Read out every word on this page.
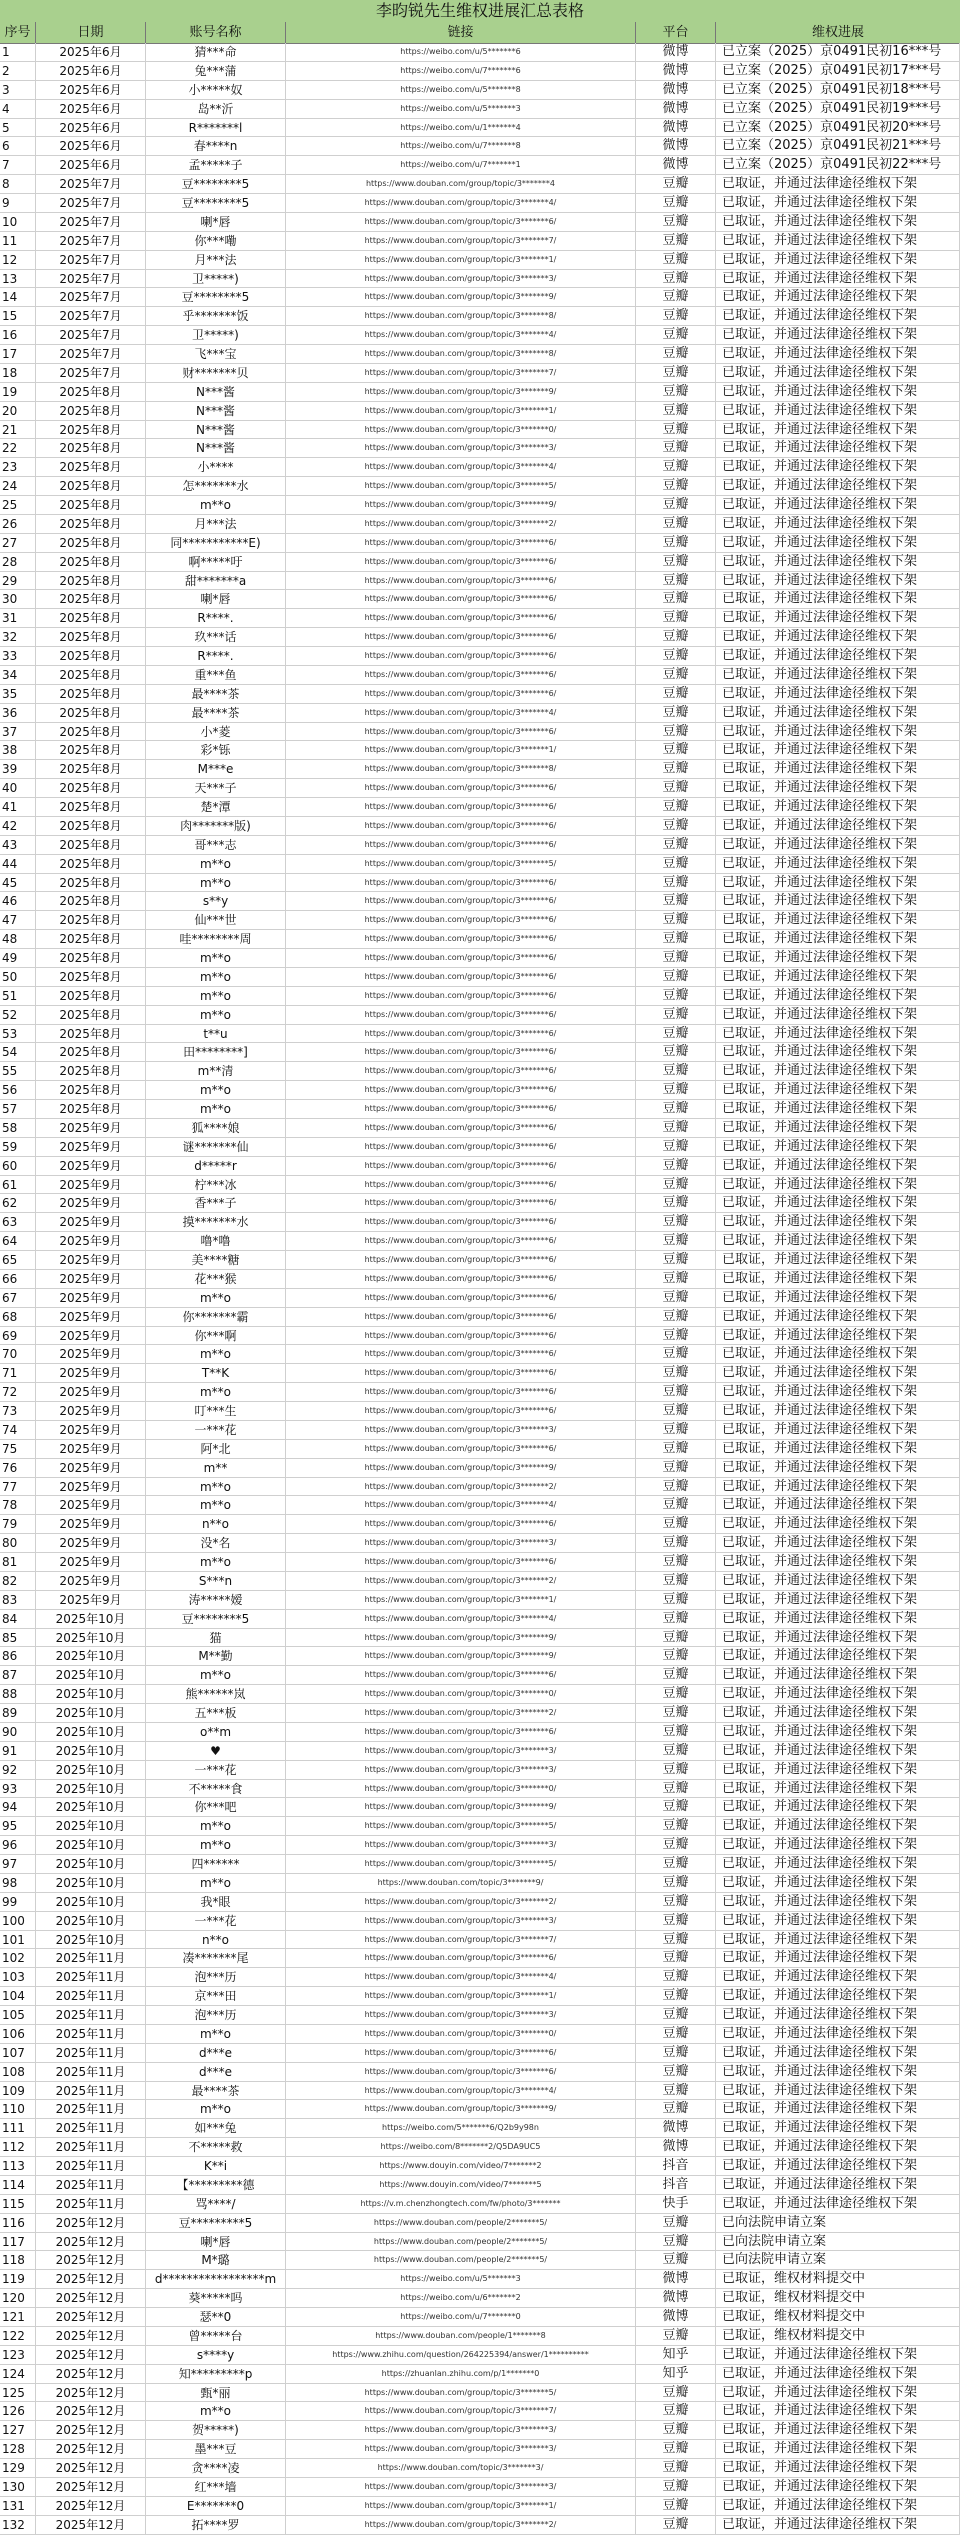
李昀锐先生维权进展汇总表格
序号	日期	账号名称	链接	平台	维权进展
1	2025年6月	猜***命	https://weibo.com/u/5*******6	微博	已立案（2025）京0491民初16***号
2	2025年6月	兔***蒲	https://weibo.com/u/7*******6	微博	已立案（2025）京0491民初17***号
3	2025年6月	小*****奴	https://weibo.com/u/5*******8	微博	已立案（2025）京0491民初18***号
4	2025年6月	岛**沂	https://weibo.com/u/5*******3	微博	已立案（2025）京0491民初19***号
5	2025年6月	R*******l	https://weibo.com/u/1*******4	微博	已立案（2025）京0491民初20***号
6	2025年6月	春****n	https://weibo.com/u/7*******8	微博	已立案（2025）京0491民初21***号
7	2025年6月	孟*****子	https://weibo.com/u/7*******1	微博	已立案（2025）京0491民初22***号
8	2025年7月	豆********5	https://www.douban.com/group/topic/3*******4	豆瓣	已取证，并通过法律途径维权下架
9	2025年7月	豆********5	https://www.douban.com/group/topic/3*******4/	豆瓣	已取证，并通过法律途径维权下架
10	2025年7月	喇*唇	https://www.douban.com/group/topic/3*******6/	豆瓣	已取证，并通过法律途径维权下架
11	2025年7月	你***嘞	https://www.douban.com/group/topic/3*******7/	豆瓣	已取证，并通过法律途径维权下架
12	2025年7月	月***法	https://www.douban.com/group/topic/3*******1/	豆瓣	已取证，并通过法律途径维权下架
13	2025年7月	卫*****)	https://www.douban.com/group/topic/3*******3/	豆瓣	已取证，并通过法律途径维权下架
14	2025年7月	豆********5	https://www.douban.com/group/topic/3*******9/	豆瓣	已取证，并通过法律途径维权下架
15	2025年7月	乎*******饭	https://www.douban.com/group/topic/3*******8/	豆瓣	已取证，并通过法律途径维权下架
16	2025年7月	卫*****)	https://www.douban.com/group/topic/3*******4/	豆瓣	已取证，并通过法律途径维权下架
17	2025年7月	飞***宝	https://www.douban.com/group/topic/3*******8/	豆瓣	已取证，并通过法律途径维权下架
18	2025年7月	财*******贝	https://www.douban.com/group/topic/3*******7/	豆瓣	已取证，并通过法律途径维权下架
19	2025年8月	N***酱	https://www.douban.com/group/topic/3*******9/	豆瓣	已取证，并通过法律途径维权下架
20	2025年8月	N***酱	https://www.douban.com/group/topic/3*******1/	豆瓣	已取证，并通过法律途径维权下架
21	2025年8月	N***酱	https://www.douban.com/group/topic/3*******0/	豆瓣	已取证，并通过法律途径维权下架
22	2025年8月	N***酱	https://www.douban.com/group/topic/3*******3/	豆瓣	已取证，并通过法律途径维权下架
23	2025年8月	小****	https://www.douban.com/group/topic/3*******4/	豆瓣	已取证，并通过法律途径维权下架
24	2025年8月	怎*******水	https://www.douban.com/group/topic/3*******5/	豆瓣	已取证，并通过法律途径维权下架
25	2025年8月	m**o	https://www.douban.com/group/topic/3*******9/	豆瓣	已取证，并通过法律途径维权下架
26	2025年8月	月***法	https://www.douban.com/group/topic/3*******2/	豆瓣	已取证，并通过法律途径维权下架
27	2025年8月	同***********E)	https://www.douban.com/group/topic/3*******6/	豆瓣	已取证，并通过法律途径维权下架
28	2025年8月	啊*****吁	https://www.douban.com/group/topic/3*******6/	豆瓣	已取证，并通过法律途径维权下架
29	2025年8月	甜*******a	https://www.douban.com/group/topic/3*******6/	豆瓣	已取证，并通过法律途径维权下架
30	2025年8月	喇*唇	https://www.douban.com/group/topic/3*******6/	豆瓣	已取证，并通过法律途径维权下架
31	2025年8月	R****.	https://www.douban.com/group/topic/3*******6/	豆瓣	已取证，并通过法律途径维权下架
32	2025年8月	玖***话	https://www.douban.com/group/topic/3*******6/	豆瓣	已取证，并通过法律途径维权下架
33	2025年8月	R****.	https://www.douban.com/group/topic/3*******6/	豆瓣	已取证，并通过法律途径维权下架
34	2025年8月	重***鱼	https://www.douban.com/group/topic/3*******6/	豆瓣	已取证，并通过法律途径维权下架
35	2025年8月	最****茶	https://www.douban.com/group/topic/3*******6/	豆瓣	已取证，并通过法律途径维权下架
36	2025年8月	最****茶	https://www.douban.com/group/topic/3*******4/	豆瓣	已取证，并通过法律途径维权下架
37	2025年8月	小*菱	https://www.douban.com/group/topic/3*******6/	豆瓣	已取证，并通过法律途径维权下架
38	2025年8月	彩*铄	https://www.douban.com/group/topic/3*******1/	豆瓣	已取证，并通过法律途径维权下架
39	2025年8月	M***e	https://www.douban.com/group/topic/3*******8/	豆瓣	已取证，并通过法律途径维权下架
40	2025年8月	天***子	https://www.douban.com/group/topic/3*******6/	豆瓣	已取证，并通过法律途径维权下架
41	2025年8月	楚*潭	https://www.douban.com/group/topic/3*******6/	豆瓣	已取证，并通过法律途径维权下架
42	2025年8月	肉*******版)	https://www.douban.com/group/topic/3*******6/	豆瓣	已取证，并通过法律途径维权下架
43	2025年8月	哥***志	https://www.douban.com/group/topic/3*******6/	豆瓣	已取证，并通过法律途径维权下架
44	2025年8月	m**o	https://www.douban.com/group/topic/3*******5/	豆瓣	已取证，并通过法律途径维权下架
45	2025年8月	m**o	https://www.douban.com/group/topic/3*******6/	豆瓣	已取证，并通过法律途径维权下架
46	2025年8月	s**y	https://www.douban.com/group/topic/3*******6/	豆瓣	已取证，并通过法律途径维权下架
47	2025年8月	仙***世	https://www.douban.com/group/topic/3*******6/	豆瓣	已取证，并通过法律途径维权下架
48	2025年8月	哇********周	https://www.douban.com/group/topic/3*******6/	豆瓣	已取证，并通过法律途径维权下架
49	2025年8月	m**o	https://www.douban.com/group/topic/3*******6/	豆瓣	已取证，并通过法律途径维权下架
50	2025年8月	m**o	https://www.douban.com/group/topic/3*******6/	豆瓣	已取证，并通过法律途径维权下架
51	2025年8月	m**o	https://www.douban.com/group/topic/3*******6/	豆瓣	已取证，并通过法律途径维权下架
52	2025年8月	m**o	https://www.douban.com/group/topic/3*******6/	豆瓣	已取证，并通过法律途径维权下架
53	2025年8月	t**u	https://www.douban.com/group/topic/3*******6/	豆瓣	已取证，并通过法律途径维权下架
54	2025年8月	田********]	https://www.douban.com/group/topic/3*******6/	豆瓣	已取证，并通过法律途径维权下架
55	2025年8月	m**清	https://www.douban.com/group/topic/3*******6/	豆瓣	已取证，并通过法律途径维权下架
56	2025年8月	m**o	https://www.douban.com/group/topic/3*******6/	豆瓣	已取证，并通过法律途径维权下架
57	2025年8月	m**o	https://www.douban.com/group/topic/3*******6/	豆瓣	已取证，并通过法律途径维权下架
58	2025年9月	狐****娘	https://www.douban.com/group/topic/3*******6/	豆瓣	已取证，并通过法律途径维权下架
59	2025年9月	谜*******仙	https://www.douban.com/group/topic/3*******6/	豆瓣	已取证，并通过法律途径维权下架
60	2025年9月	d*****r	https://www.douban.com/group/topic/3*******6/	豆瓣	已取证，并通过法律途径维权下架
61	2025年9月	柠***冰	https://www.douban.com/group/topic/3*******6/	豆瓣	已取证，并通过法律途径维权下架
62	2025年9月	香***子	https://www.douban.com/group/topic/3*******6/	豆瓣	已取证，并通过法律途径维权下架
63	2025年9月	摸*******水	https://www.douban.com/group/topic/3*******6/	豆瓣	已取证，并通过法律途径维权下架
64	2025年9月	噜*噜	https://www.douban.com/group/topic/3*******6/	豆瓣	已取证，并通过法律途径维权下架
65	2025年9月	美****糖	https://www.douban.com/group/topic/3*******6/	豆瓣	已取证，并通过法律途径维权下架
66	2025年9月	花***猴	https://www.douban.com/group/topic/3*******6/	豆瓣	已取证，并通过法律途径维权下架
67	2025年9月	m**o	https://www.douban.com/group/topic/3*******6/	豆瓣	已取证，并通过法律途径维权下架
68	2025年9月	你*******霸	https://www.douban.com/group/topic/3*******6/	豆瓣	已取证，并通过法律途径维权下架
69	2025年9月	你***啊	https://www.douban.com/group/topic/3*******6/	豆瓣	已取证，并通过法律途径维权下架
70	2025年9月	m**o	https://www.douban.com/group/topic/3*******6/	豆瓣	已取证，并通过法律途径维权下架
71	2025年9月	T**K	https://www.douban.com/group/topic/3*******6/	豆瓣	已取证，并通过法律途径维权下架
72	2025年9月	m**o	https://www.douban.com/group/topic/3*******6/	豆瓣	已取证，并通过法律途径维权下架
73	2025年9月	叮***生	https://www.douban.com/group/topic/3*******6/	豆瓣	已取证，并通过法律途径维权下架
74	2025年9月	一***花	https://www.douban.com/group/topic/3*******3/	豆瓣	已取证，并通过法律途径维权下架
75	2025年9月	阿*北	https://www.douban.com/group/topic/3*******6/	豆瓣	已取证，并通过法律途径维权下架
76	2025年9月	m**	https://www.douban.com/group/topic/3*******9/	豆瓣	已取证，并通过法律途径维权下架
77	2025年9月	m**o	https://www.douban.com/group/topic/3*******2/	豆瓣	已取证，并通过法律途径维权下架
78	2025年9月	m**o	https://www.douban.com/group/topic/3*******4/	豆瓣	已取证，并通过法律途径维权下架
79	2025年9月	n**o	https://www.douban.com/group/topic/3*******6/	豆瓣	已取证，并通过法律途径维权下架
80	2025年9月	没*名	https://www.douban.com/group/topic/3*******3/	豆瓣	已取证，并通过法律途径维权下架
81	2025年9月	m**o	https://www.douban.com/group/topic/3*******6/	豆瓣	已取证，并通过法律途径维权下架
82	2025年9月	S***n	https://www.douban.com/group/topic/3*******2/	豆瓣	已取证，并通过法律途径维权下架
83	2025年9月	涛*****嫒	https://www.douban.com/group/topic/3*******1/	豆瓣	已取证，并通过法律途径维权下架
84	2025年10月	豆********5	https://www.douban.com/group/topic/3*******4/	豆瓣	已取证，并通过法律途径维权下架
85	2025年10月	猫	https://www.douban.com/group/topic/3*******9/	豆瓣	已取证，并通过法律途径维权下架
86	2025年10月	M**勤	https://www.douban.com/group/topic/3*******9/	豆瓣	已取证，并通过法律途径维权下架
87	2025年10月	m**o	https://www.douban.com/group/topic/3*******6/	豆瓣	已取证，并通过法律途径维权下架
88	2025年10月	熊******岚	https://www.douban.com/group/topic/3*******0/	豆瓣	已取证，并通过法律途径维权下架
89	2025年10月	五***板	https://www.douban.com/group/topic/3*******2/	豆瓣	已取证，并通过法律途径维权下架
90	2025年10月	o**m	https://www.douban.com/group/topic/3*******6/	豆瓣	已取证，并通过法律途径维权下架
91	2025年10月	♥	https://www.douban.com/group/topic/3*******3/	豆瓣	已取证，并通过法律途径维权下架
92	2025年10月	一***花	https://www.douban.com/group/topic/3*******3/	豆瓣	已取证，并通过法律途径维权下架
93	2025年10月	不*****食	https://www.douban.com/group/topic/3*******0/	豆瓣	已取证，并通过法律途径维权下架
94	2025年10月	你***吧	https://www.douban.com/group/topic/3*******9/	豆瓣	已取证，并通过法律途径维权下架
95	2025年10月	m**o	https://www.douban.com/group/topic/3*******5/	豆瓣	已取证，并通过法律途径维权下架
96	2025年10月	m**o	https://www.douban.com/group/topic/3*******3/	豆瓣	已取证，并通过法律途径维权下架
97	2025年10月	四******	https://www.douban.com/group/topic/3*******5/	豆瓣	已取证，并通过法律途径维权下架
98	2025年10月	m**o	https://www.douban.com/topic/3*******9/	豆瓣	已取证，并通过法律途径维权下架
99	2025年10月	我*眼	https://www.douban.com/group/topic/3*******2/	豆瓣	已取证，并通过法律途径维权下架
100	2025年10月	一***花	https://www.douban.com/group/topic/3*******3/	豆瓣	已取证，并通过法律途径维权下架
101	2025年10月	n**o	https://www.douban.com/group/topic/3*******7/	豆瓣	已取证，并通过法律途径维权下架
102	2025年11月	凑*******尾	https://www.douban.com/group/topic/3*******6/	豆瓣	已取证，并通过法律途径维权下架
103	2025年11月	泡***历	https://www.douban.com/group/topic/3*******4/	豆瓣	已取证，并通过法律途径维权下架
104	2025年11月	京***田	https://www.douban.com/group/topic/3*******1/	豆瓣	已取证，并通过法律途径维权下架
105	2025年11月	泡***历	https://www.douban.com/group/topic/3*******3/	豆瓣	已取证，并通过法律途径维权下架
106	2025年11月	m**o	https://www.douban.com/group/topic/3*******0/	豆瓣	已取证，并通过法律途径维权下架
107	2025年11月	d***e	https://www.douban.com/group/topic/3*******6/	豆瓣	已取证，并通过法律途径维权下架
108	2025年11月	d***e	https://www.douban.com/group/topic/3*******6/	豆瓣	已取证，并通过法律途径维权下架
109	2025年11月	最****茶	https://www.douban.com/group/topic/3*******4/	豆瓣	已取证，并通过法律途径维权下架
110	2025年11月	m**o	https://www.douban.com/group/topic/3*******9/	豆瓣	已取证，并通过法律途径维权下架
111	2025年11月	如***兔	https://weibo.com/5*******6/Q2b9y98n	微博	已取证，并通过法律途径维权下架
112	2025年11月	不*****救	https://weibo.com/8*******2/Q5DA9UC5	微博	已取证，并通过法律途径维权下架
113	2025年11月	K**i	https://www.douyin.com/video/7*******2	抖音	已取证，并通过法律途径维权下架
114	2025年11月	【*********德	https://www.douyin.com/video/7*******5	抖音	已取证，并通过法律途径维权下架
115	2025年11月	骂****/	https://v.m.chenzhongtech.com/fw/photo/3*******	快手	已取证，并通过法律途径维权下架
116	2025年12月	豆*********5	https://www.douban.com/people/2*******5/	豆瓣	已向法院申请立案
117	2025年12月	喇*唇	https://www.douban.com/people/2*******5/	豆瓣	已向法院申请立案
118	2025年12月	M*璐	https://www.douban.com/people/2*******5/	豆瓣	已向法院申请立案
119	2025年12月	d*****************m	https://weibo.com/u/5*******3	微博	已取证，维权材料提交中
120	2025年12月	葵*****吗	https://weibo.com/u/6*******2	微博	已取证，维权材料提交中
121	2025年12月	瑟**0	https://weibo.com/u/7*******0	微博	已取证，维权材料提交中
122	2025年12月	曾*****台	https://www.douban.com/people/1*******8	豆瓣	已取证，维权材料提交中
123	2025年12月	s****y	https://www.zhihu.com/question/264225394/answer/1**********	知乎	已取证，并通过法律途径维权下架
124	2025年12月	知*********p	https://zhuanlan.zhihu.com/p/1*******0	知乎	已取证，并通过法律途径维权下架
125	2025年12月	甄*丽	https://www.douban.com/group/topic/3*******5/	豆瓣	已取证，并通过法律途径维权下架
126	2025年12月	m**o	https://www.douban.com/group/topic/3*******7/	豆瓣	已取证，并通过法律途径维权下架
127	2025年12月	贺*****)	https://www.douban.com/group/topic/3*******3/	豆瓣	已取证，并通过法律途径维权下架
128	2025年12月	墨***豆	https://www.douban.com/group/topic/3*******3/	豆瓣	已取证，并通过法律途径维权下架
129	2025年12月	贪****凌	https://www.douban.com/topic/3*******3/	豆瓣	已取证，并通过法律途径维权下架
130	2025年12月	红***墙	https://www.douban.com/group/topic/3*******3/	豆瓣	已取证，并通过法律途径维权下架
131	2025年12月	E*******0	https://www.douban.com/group/topic/3*******1/	豆瓣	已取证，并通过法律途径维权下架
132	2025年12月	拓****罗	https://www.douban.com/group/topic/3*******2/	豆瓣	已取证，并通过法律途径维权下架
